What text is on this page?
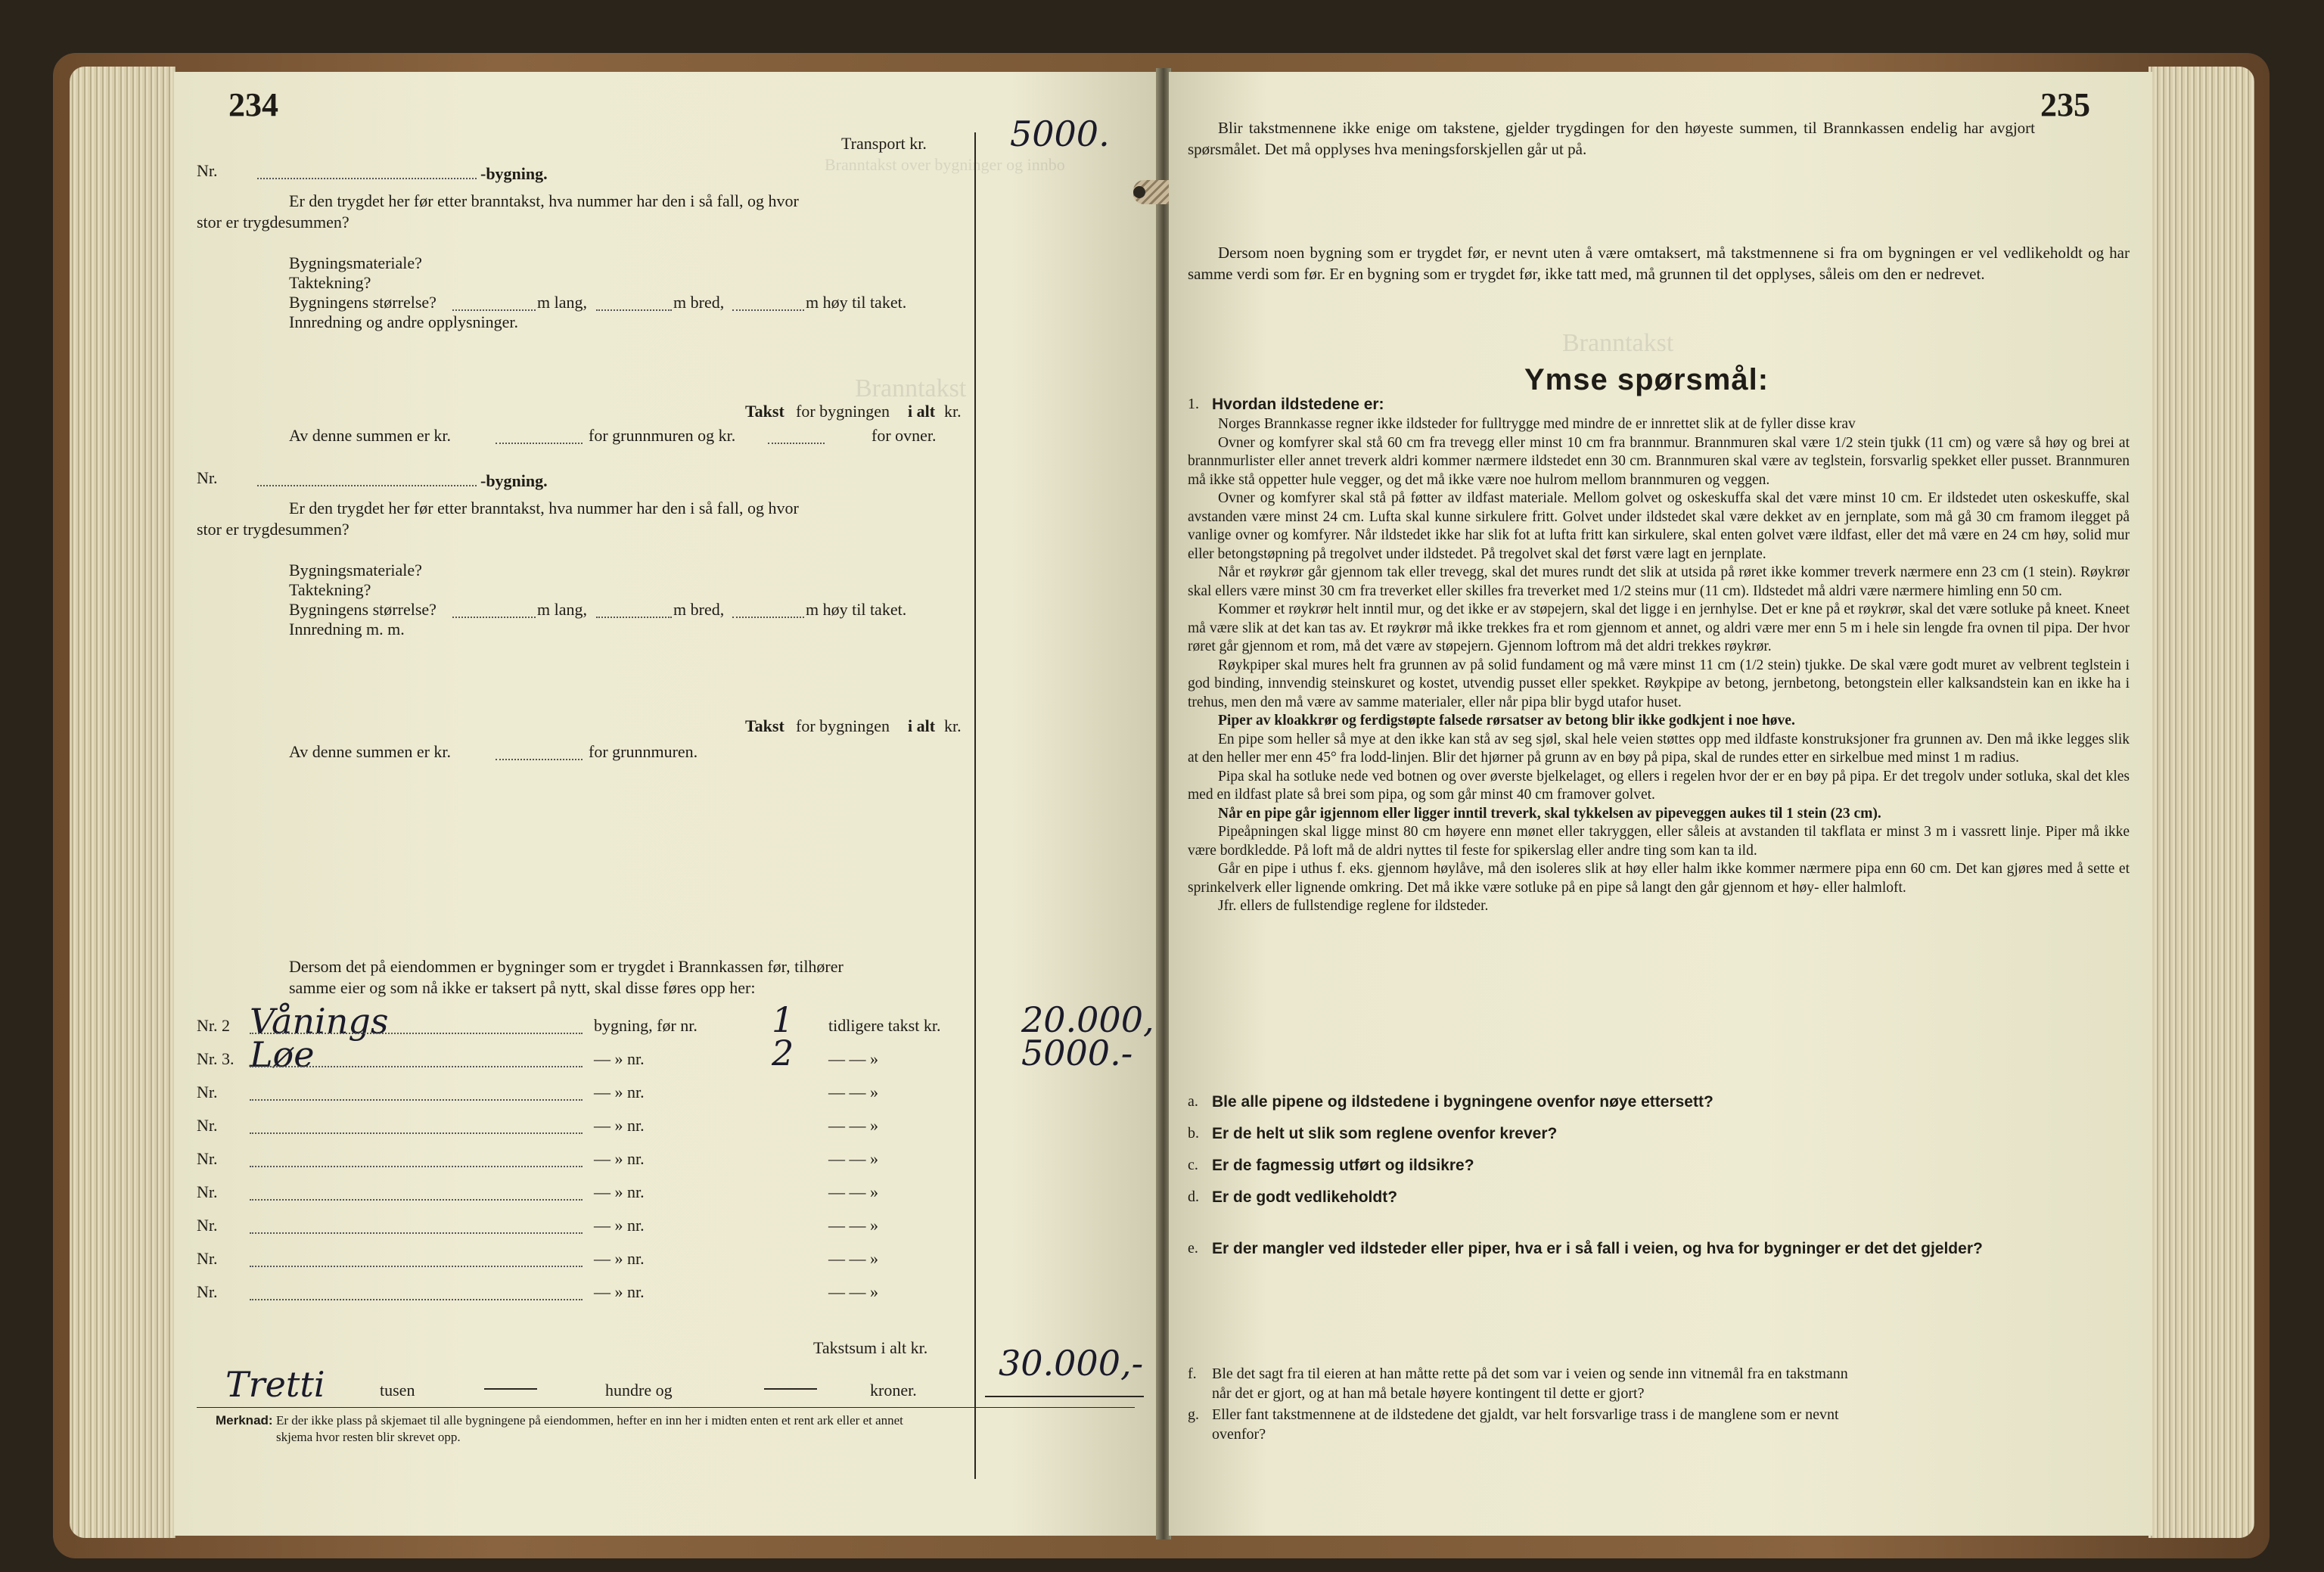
Branntakst over bygninger og innbo
Branntakst
234
Transport kr. 5000.
Nr.	-bygning.
Er den trygdet her før etter branntakst, hva nummer har den i så fall, og hvor
stor er trygdesummen?
Bygningsmateriale?
Taktekning?
Bygningens størrelse?	m lang,	m bred,	m høy til taket.
Innredning og andre opplysninger.
Takst for bygningen i alt kr.
Av denne summen er kr.	for grunnmuren og kr.	for ovner.
Nr.	-bygning.
Er den trygdet her før etter branntakst, hva nummer har den i så fall, og hvor
stor er trygdesummen?
Bygningsmateriale?
Taktekning?
Bygningens størrelse?	m lang,	m bred,	m høy til taket.
Innredning m. m.
Takst for bygningen i alt kr.
Av denne summen er kr.	for grunnmuren.
Dersom det på eiendommen er bygninger som er trygdet i Brannkassen før, tilhører
samme eier og som nå ikke er taksert på nytt, skal disse føres opp her:
Nr. 2 Vånings	bygning, før nr. 1 tidligere takst kr. 20.000,
Nr. 3. Løe	— » nr.	2 — — »	5000.-
Nr.	— » nr.	— — »
Nr.	— » nr.	— — »
Nr.	— » nr.	— — »
Nr.	— » nr.	— — »
Nr.	— » nr.	— — »
Nr.	— » nr.	— — »
Nr.	— » nr.	— — »
Takstsum i alt kr. 30.000,-
Tretti	tusen	hundre og	kroner.
Merknad: Er der ikke plass på skjemaet til alle bygningene på eiendommen, hefter en inn her i midten enten et rent ark eller et annet
skjema hvor resten blir skrevet opp.
Branntakst
235

Blir takstmennene ikke enige om takstene, gjelder trygdingen for den høyeste summen, til Brannkassen endelig har avgjort spørsmålet. Det må opplyses hva meningsforskjellen går ut på.

Dersom noen bygning som er trygdet før, er nevnt uten å være omtaksert, må takstmennene si fra om bygningen er vel vedlikeholdt og har samme verdi som før. Er en bygning som er trygdet før, ikke tatt med, må grunnen til det opplyses, såleis om den er nedrevet.

Ymse spørsmål:
1. Hvordan ildstedene er:

Norges Brannkasse regner ikke ildsteder for fulltrygge med mindre de er innrettet slik at de fyller disse krav

Ovner og komfyrer skal stå 60 cm fra trevegg eller minst 10 cm fra brannmur. Brannmuren skal være 1/2 stein tjukk (11 cm) og være så høy og brei at brannmurlister eller annet treverk aldri kommer nærmere ildstedet enn 30 cm. Brannmuren skal være av teglstein, forsvarlig spekket eller pusset. Brannmuren må ikke stå oppetter hule vegger, og det må ikke være noe hulrom mellom brannmuren og veggen.

Ovner og komfyrer skal stå på føtter av ildfast materiale. Mellom golvet og oskeskuffa skal det være minst 10 cm. Er ildstedet uten oskeskuffe, skal avstanden være minst 24 cm. Lufta skal kunne sirkulere fritt. Golvet under ildstedet skal være dekket av en jernplate, som må gå 30 cm framom ilegget på vanlige ovner og komfyrer. Når ildstedet ikke har slik fot at lufta fritt kan sirkulere, skal enten golvet være ildfast, eller det må være en 24 cm høy, solid mur eller betongstøpning på tregolvet under ildstedet. På tregolvet skal det først være lagt en jernplate.

Når et røykrør går gjennom tak eller trevegg, skal det mures rundt det slik at utsida på røret ikke kommer treverk nærmere enn 23 cm (1 stein). Røykrør skal ellers være minst 30 cm fra treverket eller skilles fra treverket med 1/2 steins mur (11 cm). Ildstedet må aldri være nærmere himling enn 50 cm.

Kommer et røykrør helt inntil mur, og det ikke er av støpejern, skal det ligge i en jernhylse. Det er kne på et røykrør, skal det være sotluke på kneet. Kneet må være slik at det kan tas av. Et røykrør må ikke trekkes fra et rom gjennom et annet, og aldri være mer enn 5 m i hele sin lengde fra ovnen til pipa. Der hvor røret går gjennom et rom, må det være av støpejern. Gjennom loftrom må det aldri trekkes røykrør.

Røykpiper skal mures helt fra grunnen av på solid fundament og må være minst 11 cm (1/2 stein) tjukke. De skal være godt muret av velbrent teglstein i god binding, innvendig steinskuret og kostet, utvendig pusset eller spekket. Røykpipe av betong, jernbetong, betongstein eller kalksandstein kan en ikke ha i trehus, men den må være av samme materialer, eller når pipa blir bygd utafor huset.

Piper av kloakkrør og ferdigstøpte falsede rørsatser av betong blir ikke godkjent i noe høve.

En pipe som heller så mye at den ikke kan stå av seg sjøl, skal hele veien støttes opp med ildfaste konstruksjoner fra grunnen av. Den må ikke legges slik at den heller mer enn 45° fra lodd-linjen. Blir det hjørner på grunn av en bøy på pipa, skal de rundes etter en sirkelbue med minst 1 m radius.

Pipa skal ha sotluke nede ved botnen og over øverste bjelkelaget, og ellers i regelen hvor der er en bøy på pipa. Er det tregolv under sotluka, skal det kles med en ildfast plate så brei som pipa, og som går minst 40 cm framover golvet.

Når en pipe går igjennom eller ligger inntil treverk, skal tykkelsen av pipeveggen aukes til 1 stein (23 cm).

Pipeåpningen skal ligge minst 80 cm høyere enn mønet eller takryggen, eller såleis at avstanden til takflata er minst 3 m i vassrett linje. Piper må ikke være bordkledde. På loft må de aldri nyttes til feste for spikerslag eller andre ting som kan ta ild.

Går en pipe i uthus f. eks. gjennom høylåve, må den isoleres slik at høy eller halm ikke kommer nærmere pipa enn 60 cm. Det kan gjøres med å sette et sprinkelverk eller lignende omkring. Det må ikke være sotluke på en pipe så langt den går gjennom et høy- eller halmloft.

Jfr. ellers de fullstendige reglene for ildsteder.

a. Ble alle pipene og ildstedene i bygningene ovenfor nøye ettersett?
b. Er de helt ut slik som reglene ovenfor krever?
c. Er de fagmessig utført og ildsikre?
d. Er de godt vedlikeholdt?
e. Er der mangler ved ildsteder eller piper, hva er i så fall i veien, og hva for bygninger er det det gjelder?
f. Ble det sagt fra til eieren at han måtte rette på det som var i veien og sende inn vitnemål fra en takstmann
når det er gjort, og at han må betale høyere kontingent til dette er gjort?
g. Eller fant takstmennene at de ildstedene det gjaldt, var helt forsvarlige trass i de manglene som er nevnt
ovenfor?
